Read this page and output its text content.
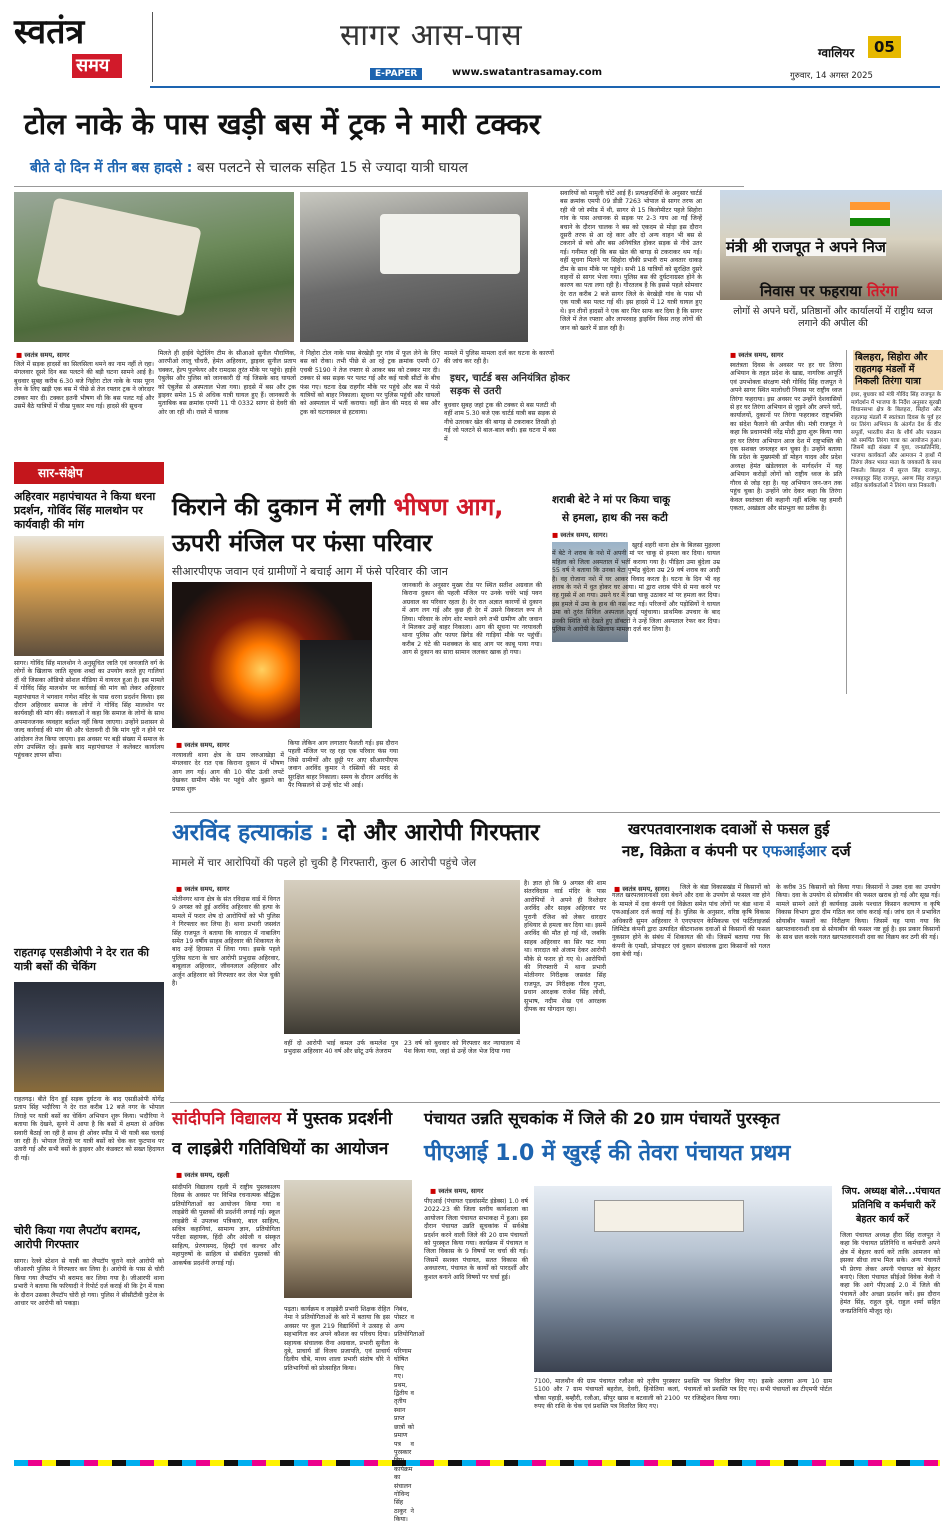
स्वतंत्र
समय
सागर आस-पास
E-PAPER	www.swatantrasamay.com
ग्वालियर	05
गुरुवार, 14 अगस्त 2025
टोल नाके के पास खड़ी बस में ट्रक ने मारी टक्कर
बीते दो दिन में तीन बस हादसे : बस पलटने से चालक सहित 15 से ज्यादा यात्री घायल
■ स्वतंत्र समय, सागर
जिले में सड़क हादसों का सिलसिला थमने का नाम नहीं ले रहा। मंगलवार दूसरे दिन बस पलटने की बड़ी घटना सामने आई है। बुधवार सुबह करीब 6.30 बजे निहोरा टोल नाके के पास पूरन लेन के लिए खड़ी एक बस में पीछे से तेज रफ्तार ट्रक ने जोरदार टक्कर मार दी। टक्कर इतनी भीषण थी कि बस पलट गई और उसमें बैठे यात्रियों में चीख पुकार मच गई। हादसे की सूचना
मिलते ही हाईवे पेट्रोलिंग टीम के सीआओ सुनील पौराणिक, आरपीओ लालू चौधरी, हेमंत अहिरवार, ड्राइवर सुनील प्रताप चक्कर, हेल्प फुल्फेयर और रामदास तुरंत मौके पर पहुंचे। हाईवे एंबुलेंस और पुलिस को जानकारी दी गई जिसके बाद घायलों को एंबुलेंस से अस्पताल भेजा गया। हादसे में बस और ट्रक ड्राइवर समेत 15 से अधिक यात्री घायल हुए हैं। जानकारी के मुताबिक बस क्रमांक एमपी 11 पी 0332 सागर से देवरी की ओर जा रही थी। रास्ते में चालक
ने निहोरा टोल नाके पास बेरखेड़ी गुर गांव में फूल लेने के लिए बस को रोका। तभी पीछे से आ रहे ट्रक क्रमांक एमपी 07 एचबी 5190 ने तेज रफ्तार से आकर बस को टक्कर मार दी। टक्कर से बस सड़क पर पलट गई और कई यात्री सीटों के बीच फंस गए। घटना देख राहगीर मौके पर पहुंचे और बस में फंसे यात्रियों को बाहर निकाला। सूचना पर पुलिस पहुंची और घायलों को अस्पताल में भर्ती कराया। वहीं क्रेन की मदद से बस और ट्रक को घटनास्थल से हटवाया।
मामले में पुलिस मामला दर्ज कर घटना के कारणों की जांच कर रही है।
इधर, चार्टर्ड बस अनियंत्रित होकर सड़क से उतरी
बुधवार सुबह जहां ट्रक की टक्कर से बस पलटी थी वहीं शाम 5.30 बजे एक चार्टर्ड यात्री बस सड़क से नीचे उतरकर खेत की बागड़ से टकराकर तिरछी हो गई जो पलटने से बाल-बाल बची। इस घटना में बस में
सवारियों को मामूली चोटें आई हैं। प्रत्यक्षदर्शियों के अनुसार चार्टर्ड बस क्रमांक एमपी 09 डीडी 7263 भोपाल से सागर तरफ आ रही थी जो स्पीड में थी, सागर से 15 किलोमीटर पहले सिहोरा गांव के पास अचानक से सड़क पर 2-3 गाय आ गईं जिन्हें बचाने के दौरान चालक ने बस को एकदम से मोड़ा इस दौरान दूसरी तरफ से आ रहे कार और दो अन्य वाहन भी बस से टकराने से बचे और बस अनियंत्रित होकर सड़क से नीचे उतर गई। गनीमत रही कि बस खेत की बागड़ से टकराकर थम गई। वहीं सूचना मिलने पर सिहोरा चौकी प्रभारी राम अवतार धाकड़ टीम के साथ मौके पर पहुंचे। सभी 18 यात्रियों को सुरक्षित दूसरे वाहनों से सागर भेजा गया। पुलिस बस की दुर्घटनाग्रस्त होने के कारण का पता लगा रही है। गौरतलब है कि इससे पहले सोमवार देर रात करीब 2 बजे सागर जिले के बेरखेड़ी गांव के पास भी एक यात्री बस पलट गई थी। इस हादसे में 12 यात्री घायल हुए थे। इन तीनों हादसों ने एक बार फिर साफ कर दिया है कि सागर जिले में तेज रफ्तार और लापरवाह ड्राइविंग किस तरह लोगों की जान को खतरे में डाल रही है।
मंत्री श्री राजपूत ने अपने निज
निवास पर फहराया तिरंगा
लोगों से अपने घरों, प्रतिष्ठानों और कार्यालयों में राष्ट्रीय ध्वज लगाने की अपील की
■ स्वतंत्र समय, सागर
स्वतंत्रता दिवस के अवसर पर हर घर तिरंगा अभियान के तहत प्रदेश के खाद्य, नागरिक आपूर्ति एवं उपभोक्ता संरक्षण मंत्री गोविंद सिंह राजपूत ने अपने सागर स्थित मालोधरी निवास पर राष्ट्रीय ध्वज तिरंगा फहराया। इस अवसर पर उन्होंने देशवासियों से हर घर तिरंगा अभियान से जुड़ने और अपने घरों, कार्यालयों, दुकानों पर तिरंगा फहराकर राष्ट्रभक्ति का संदेश फैलाने की अपील की। मंत्री राजपूत ने कहा कि प्रधानमंत्री नरेंद्र मोदी द्वारा शुरू किया गया हर घर तिरंगा अभियान आज देश में राष्ट्रभक्ति की एक सशक्त जनलहर बन चुका है। उन्होंने बताया कि प्रदेश के मुख्यमंत्री डॉ मोहन यादव और प्रदेश अध्यक्ष हेमंत खंडेलवाल के मार्गदर्शन में यह अभियान करोड़ों लोगों को राष्ट्रीय ध्वज के प्रति गौरव से जोड़ रहा है। यह अभियान जन-जन तक पहुंच चुका है। उन्होंने जोर देकर कहा कि तिरंगा केवल स्वतंत्रता की कहानी नहीं बल्कि यह हमारी एकता, अखंडता और संप्रभुता का प्रतीक है।
बिलहरा, सिहोरा और राहतगढ़ मंडलों में निकली तिरंगा यात्रा
इधर, बुधवार को मंत्री गोविंद सिंह राजपूत के मार्गदर्शन में भाजपा के निर्देश अनुसार सुरखी विधानसभा क्षेत्र के बिलहरा, सिहोरा और राहतगढ़ मंडलों में स्वतंत्रता दिवस के पूर्व हर घर तिरंगा अभियान के अंतर्गत देश के वीर सपूतों, भारतीय सेना के शौर्य और पराक्रम को समर्पित तिरंगा यात्रा का आयोजन हुआ। जिसमें बड़ी संख्या में युवा, जनप्रतिनिधि, भाजपा कार्यकर्ता और आमजन ने हाथों में तिरंगा लेकर भारत माता के जयकारों के साथ निकले। बिलहरा में सुरज सिंह राजपूत, रणबहादुर सिंह राजपूत, अरुण सिंह राजपूत सहित कार्यकर्ताओं ने तिरंगा यात्रा निकाली।
सार-संक्षेप
अहिरवार महापंचायत ने किया धरना प्रदर्शन, गोविंद सिंह मालथोन पर कार्यवाही की मांग
सागर। गोविंद सिंह मालथोन ने अनुसूचित जाति एवं जनजाति वर्ग के लोगों के खिलाफ जाति सूचक शब्दों का उपयोग करते हुए गालियां दीं थी जिसका ऑडियो सोशल मीडिया में वायरल हुआ है। इस मामले में गोविंद सिंह मालथोन पर कार्रवाई की मांग को लेकर अहिरवार महापंचायत ने भगवान गणेश मंदिर के पास धरना प्रदर्शन किया। इस दौरान अहिरवार समाज के लोगों ने गोविंद सिंह मालथोन पर कार्यवाही की मांग की। वक्ताओं ने कहा कि समाज के लोगों के साथ अपमानजनक व्यवहार बर्दाश्त नहीं किया जाएगा। उन्होंने प्रशासन से जल्द कार्रवाई की मांग की और चेतावनी दी कि मांग पूरी न होने पर आंदोलन तेज किया जाएगा। इस अवसर पर बड़ी संख्या में समाज के लोग उपस्थित रहे। इसके बाद महापंचायत ने कलेक्टर कार्यालय पहुंचकर ज्ञापन सौंपा।
राहतगढ़ एसडीओपी ने देर रात की यात्री बसों की चेकिंग
राहतगढ़। बीते दिन हुई सड़क दुर्घटना के बाद एसडीओपी योगेंद्र प्रताप सिंह भदौरिया ने देर रात करीब 12 बजे नगर के भोपाल तिराहे पर यात्री बसों का चेकिंग अभियान शुरू किया। भदौरिया ने बताया कि देखने, सुनने में आया है कि बसों में क्षमता से अधिक सवारी बैठाई जा रही है साथ ही ओवर स्पीड में भी यात्री बस चलाई जा रही हैं। भोपाल तिराहे पर यात्री बसों को चेक कर फुटपाथ पर उतारी गई और सभी बसों के ड्राइवर और कंडक्टर को सख्त हिदायत दी गई।
चोरी किया गया लैपटॉप बरामद, आरोपी गिरफ्तार
सागर। रेलवे स्टेशन से यात्री का लैपटॉप चुराने वाले आरोपी को जीआरपी पुलिस ने गिरफ्तार कर लिया है। आरोपी के पास से चोरी किया गया लैपटॉप भी बरामद कर लिया गया है। जीआरपी थाना प्रभारी ने बताया कि फरियादी ने रिपोर्ट दर्ज कराई थी कि ट्रेन में यात्रा के दौरान उसका लैपटॉप चोरी हो गया। पुलिस ने सीसीटीवी फुटेज के आधार पर आरोपी को पकड़ा।
किराने की दुकान में लगी भीषण आग,
ऊपरी मंजिल पर फंसा परिवार
सीआरपीएफ जवान एवं ग्रामीणों ने बचाई आग में फंसे परिवार की जान
■ स्वतंत्र समय, सागर
नरयावली थाना क्षेत्र के ग्राम जरुआखेड़ा में मंगलवार देर रात एक किराना दुकान में भीषण आग लग गई। आग की 10 फीट ऊंची लपटें देखकर ग्रामीण मौके पर पहुंचे और बुझाने का प्रयास शुरू
किया लेकिन आग लगातार फैलती गई। इस दौरान पहली मंजिल पर रह रहा एक परिवार फंस गया जिसे ग्रामीणों और छुट्टी पर आए सीआरपीएफ जवान अरविंद कुमार ने रस्सियों की मदद से सुरक्षित बाहर निकाला। समय के दौरान अरविंद के पैर फिसलने से उन्हें चोट भी आई।
जानकारी के अनुसार मुख्य रोड पर स्थित सतीश अग्रवाल की किराना दुकान की पहली मंजिल पर उनके चचेरे भाई पवन अग्रवाल का परिवार रहता है। देर रात अज्ञात कारणों से दुकान में आग लग गई और कुछ ही देर में उसने विकराल रूप ले लिया। परिवार के लोग शोर मचाने लगे तभी ग्रामीण और जवान ने मिलकर उन्हें बाहर निकाला। आग की सूचना पर नरयावली थाना पुलिस और फायर ब्रिगेड की गाड़ियां मौके पर पहुंचीं। करीब 2 घंटे की मशक्कत के बाद आग पर काबू पाया गया। आग से दुकान का सारा सामान जलकर खाक हो गया।
शराबी बेटे ने मां पर किया चाकू
से हमला, हाथ की नस कटी
■ स्वतंत्र समय, सागर।
खुरई शहरी थाना क्षेत्र के बिलसा मुहल्ला में बेटे ने शराब के नशे में अपनी मां पर चाकू से हमला कर दिया। घायल महिला को जिला अस्पताल में भर्ती कराया गया है। पीड़िता उमा बुंदेला उम्र 55 वर्ष ने बताया कि उनका बेटा पुष्पेंद्र बुंदेला उम्र 29 वर्ष शराब का आदी है। वह रोजाना नशे में घर आकर विवाद करता है। घटना के दिन भी वह शराब के नशे में धुत होकर घर आया। मां द्वारा शराब पीने से मना करने पर वह गुस्से में आ गया। उसने घर में रखा चाकू उठाकर मां पर हमला कर दिया। इस हमले में उमा के हाथ की नस कट गई। परिजनों और पड़ोसियों ने घायल उमा को तुरंत सिविल अस्पताल खुरई पहुंचाया। प्राथमिक उपचार के बाद उनकी स्थिति को देखते हुए डॉक्टरों ने उन्हें जिला अस्पताल रेफर कर दिया। पुलिस ने आरोपी के खिलाफ मामला दर्ज कर लिया है।
अरविंद हत्याकांड : दो और आरोपी गिरफ्तार
मामले में चार आरोपियों की पहले हो चुकी है गिरफ्तारी, कुल 6 आरोपी पहुंचे जेल
■ स्वतंत्र समय, सागर
मोतीनगर थाना क्षेत्र के संत रविदास वार्ड में विगत 9 अगस्त को हुई अरविंद अहिरवार की हत्या के मामले में फरार शेष दो आरोपियों को भी पुलिस ने गिरफ्तार कर लिया है। थाना प्रभारी जसवंत सिंह राजपूत ने बताया कि वारदात में नाबालिग समेत 19 वर्षीय साहब अहिरवार की शिकायत के बाद उन्हें हिरासत में लिया गया। इसके पहले पुलिस घटना के चार आरोपी प्रभुदास अहिरवार, बाबूलाल अहिरवार, जीवनलाल अहिरवार और अर्जुन अहिरवार को गिरफ्तार कर जेल भेज चुकी है।
वहीं दो आरोपी भाई कमल उर्फ कमलेश पुत्र प्रभुदास अहिरवार 40 वर्ष और छोटू उर्फ तेजराम
23 वर्ष को बुधवार को गिरफ्तार कर न्यायालय में पेश किया गया, जहां से उन्हें जेल भेज दिया गया
है। ज्ञात हो कि 9 अगस्त की शाम संतरविदास वार्ड मंदिर के पास आरोपियों ने अपने ही रिश्तेदार अरविंद और साहब अहिरवार पर पुरानी रंजिश को लेकर धारदार हथियार से हमला कर दिया था। इसमें अरविंद की मौत हो गई थी, जबकि साहब अहिरवार का सिर फट गया था। वारदात को अंजाम देकर आरोपी मौके से फरार हो गए थे। आरोपियों की गिरफ्तारी में थाना प्रभारी मोतीनगर निरीक्षक जसवंत सिंह राजपूत, उप निरीक्षक गौरव गुप्ता, प्रधान आरक्षक राजेश सिंह लोधी, सुभाष, नदीम शेख एवं आरक्षक दीपक का योगदान रहा।
खरपतवारनाशक दवाओं से फसल हुई
नष्ट, विक्रेता व कंपनी पर एफआईआर दर्ज
■ स्वतंत्र समय, सागर।	जिले के बंडा विकासखंड में किसानों को गलत खरपतवारनाशी दवा बेचने और दवा के उपयोग से फसल नष्ट होने के मामले में दवा कंपनी एवं विक्रेता समेत पांच लोगों पर बंडा थाना में एफआईआर दर्ज कराई गई है। पुलिस के अनुसार, वरिष्ठ कृषि विकास अधिकारी सुमन अहिरवार ने एनएफएन केमिकल्स एवं फर्टिलाइजर्स लिमिटेड कंपनी द्वारा उत्पादित कीटनाशक दवाओं से किसानों की फसल नुकसान होने के संबंध में शिकायत की थी। जिसमें बताया गया कि कंपनी के एमडी, प्रोपाइटर एवं दुकान संचालक द्वारा किसानों को गलत दवा बेची गई।
के करीब 35 किसानों को किया गया। किसानों ने उक्त दवा का उपयोग किया। दवा के उपयोग से सोयाबीन की फसल खराब हो गई और सूख गई। मामले सामने आते ही कार्यवाह उसके पश्चात किसान कल्याण व कृषि विकास विभाग द्वारा दीम गठित कर जांच कराई गई। जांच दल ने प्रभावित सोयाबीन फसलों का निरीक्षण किया। जिसमें यह पाया गया कि खरपतवारनाशी दवा से सोयाबीन की फसल नष्ट हुई है। इस प्रकार किसानों के साथ छल करके गलत खरपतवारनाशी दवा का विक्रय कर ठगी की गई।
सांदीपनि विद्यालय में पुस्तक प्रदर्शनी
व लाइब्रेरी गतिविधियों का आयोजन
■ स्वतंत्र समय, रहली
सांदीपनि विद्यालय रहली में राष्ट्रीय पुस्तकालय दिवस के अवसर पर विभिन्न रचनात्मक बौद्धिक प्रतियोगिताओं का आयोजन किया गया व लाइब्रेरी की पुस्तकों की प्रदर्शनी लगाई गई। स्कूल लाइब्रेरी में उपलब्ध पत्रिकाएं, बाल साहित्य, सचित्र कहानियां, सामान्य ज्ञान, प्रतियोगिता परीक्षा सहायक, हिंदी और अंग्रेजी व संस्कृत साहित्य, प्रेरणास्पद, हिस्ट्री एवं कल्चर और महापुरुषों के साहित्य से संबंधित पुस्तकों की आकर्षक प्रदर्शनी लगाई गई।
पढ़ता। कार्यक्रम व लाइब्रेरी प्रभारी शिक्षक रोहित नेमा ने प्रतियोगिताओं के बारे में बताया कि इस अवसर पर कुल 219 विद्यार्थियों ने उत्साह से सहभागिता कर अपने कौशल का परिचय दिया। सहायक संचालक रीना अग्रवाल, प्रभारी सुनीता दुबे, प्राचार्य डॉ विजय प्रजापति, एवं प्राचार्य दिलीप चौबे, माध्य शाला प्रभारी संतोष चौरे ने प्रतिभागियों को प्रोत्साहित किया।
निबंध, पोस्टर व अन्य प्रतियोगिताओं के परिणाम घोषित किए गए। प्रथम, द्वितीय व तृतीय स्थान प्राप्त छात्रों को प्रमाण पत्र व पुरस्कार कार्यक्रम का संचालन गोविन्द सिंह ठाकुर ने किया।
पंचायत उन्नति सूचकांक में जिले की 20 ग्राम पंचायतें पुरस्कृत
पीएआई 1.0 में खुरई की तेवरा पंचायत प्रथम
■ स्वतंत्र समय, सागर
पीएआई (पंचायत एडवांसमेंट इंडेक्स) 1.0 वर्ष 2022-23 की जिला स्तरीय कार्यशाला का आयोजन जिला पंचायत सभाकक्ष में हुआ। इस दौरान पंचायत उन्नति सूचकांक में सर्वश्रेष्ठ प्रदर्शन करने वाली जिले की 20 ग्राम पंचायतों को पुरस्कृत किया गया। कार्यक्रम में पंचायत व जिला विकास के 9 विषयों पर चर्चा की गई। जिसमें सशक्त पंचायत, सतत विकास की अवधारणा, पंचायत के कार्यों को पारदर्शी और कुशल बनाने आदि विषयों पर चर्चा हुई।
7100, मालथौन की ग्राम पंचायत रजौआ को तृतीय पुरस्कार 5100 और 7 ग्राम पंचायतों बहरोल, देवरी, हिनोतिया कलां, चौका पहाड़ी, बम्हौरी, रजौआ, सीपुर खास व बटवाली को 2100 रुपए की राशि के चेक एवं प्रशस्ति पत्र वितरित किए गए।
प्रशस्ति पत्र वितरित किए गए। इसके अलावा अन्य 10 ग्राम पंचायतों को प्रशस्ति पत्र दिए गए। सभी पंचायतों का टीएमपी पोर्टल पर रजिस्ट्रेशन किया गया।
जिप. अध्यक्ष बोले...पंचायत
प्रतिनिधि व कर्मचारी करें
बेहतर कार्य कर्रे
जिला पंचायत अध्यक्ष हीरा सिंह राजपूत ने कहा कि पंचायत प्रतिनिधि व कर्मचारी अपने क्षेत्र में बेहतर कार्य करें ताकि आमजन को इसका सीधा लाभ मिल सके। अन्य पंचायतें भी प्रेरणा लेकर अपनी पंचायत को बेहतर बनाएं। जिला पंचायत सीईओ विवेक केवी ने कहा कि आगे पीएआई 2.0 में जिले की पंचायतें और अच्छा प्रदर्शन करें। इस दौरान हेमंत सिंह, राहुल दुबे, राहुल शर्मा सहित जनप्रतिनिधि मौजूद रहे।
